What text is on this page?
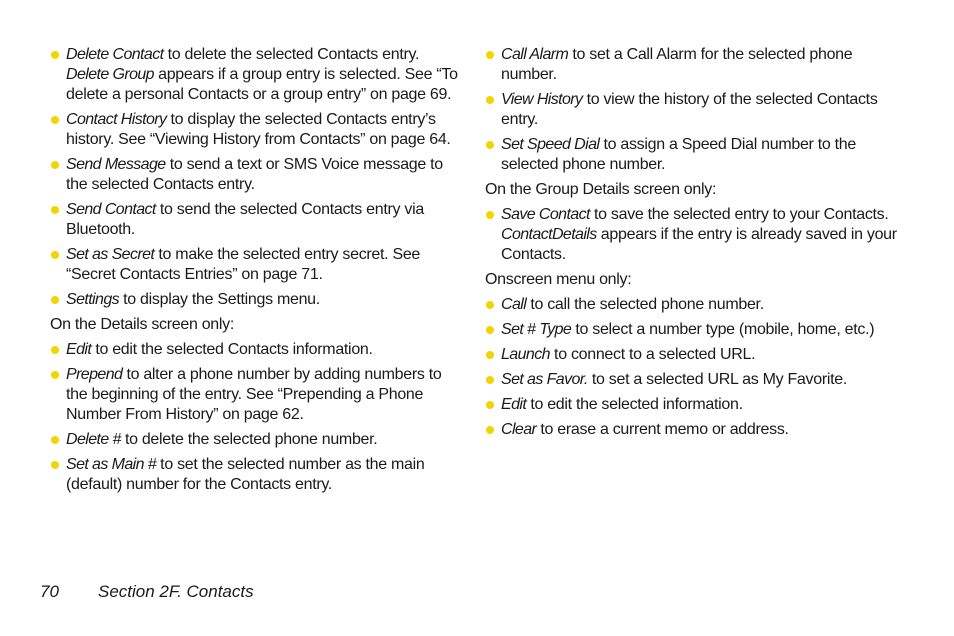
Delete Contact to delete the selected Contacts entry. Delete Group appears if a group entry is selected. See “To delete a personal Contacts or a group entry” on page 69.
Contact History to display the selected Contacts entry’s history. See “Viewing History from Contacts” on page 64.
Send Message to send a text or SMS Voice message to the selected Contacts entry.
Send Contact to send the selected Contacts entry via Bluetooth.
Set as Secret to make the selected entry secret. See “Secret Contacts Entries” on page 71.
Settings to display the Settings menu.
On the Details screen only:
Edit to edit the selected Contacts information.
Prepend to alter a phone number by adding numbers to the beginning of the entry. See “Prepending a Phone Number From History” on page 62.
Delete # to delete the selected phone number.
Set as Main # to set the selected number as the main (default) number for the Contacts entry.
Call Alarm to set a Call Alarm for the selected phone number.
View History to view the history of the selected Contacts entry.
Set Speed Dial to assign a Speed Dial number to the selected phone number.
On the Group Details screen only:
Save Contact to save the selected entry to your Contacts. ContactDetails appears if the entry is already saved in your Contacts.
Onscreen menu only:
Call to call the selected phone number.
Set # Type to select a number type (mobile, home, etc.)
Launch to connect to a selected URL.
Set as Favor. to set a selected URL as My Favorite.
Edit to edit the selected information.
Clear to erase a current memo or address.
70 Section 2F. Contacts
